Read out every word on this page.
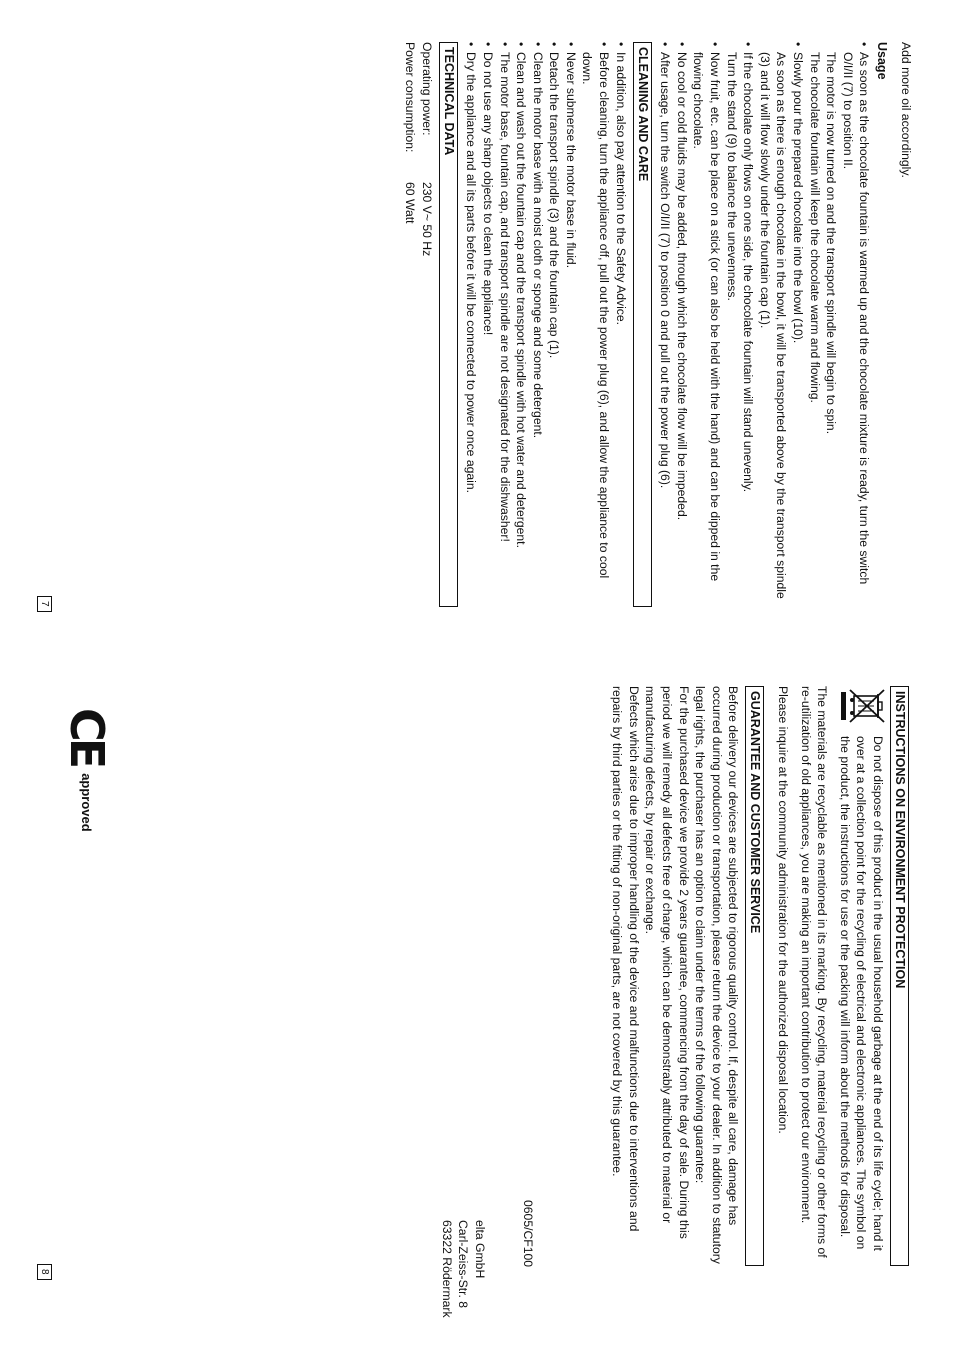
Add more oil accordingly.

Usage

• As soon as the chocolate fountain is warmed up and the chocolate mixture is ready, turn the switch O/I/II (7) to position II.

The motor is now turned on and the transport spindle will begin to spin.

The chocolate fountain will keep the chocolate warm and flowing.

• Slowly pour the prepared chocolate into the bowl (10).

As soon as there is enough chocolate in the bowl, it will be transported above by the transport spindle (3) and it will flow slowly under the fountain cap (1).

• If the chocolate only flows on one side, the chocolate fountain will stand unevenly.

Turn the stand (9) to balance the unevenness.

• Now fruit, etc. can be place on a stick (or can also be held with the hand) and can be dipped in the flowing chocolate.

• No cool or cold fluids may be added, through which the chocolate flow will be impeded.

• After usage, turn the switch O/I/II (7) to position 0 and pull out the power plug (6).

CLEANING AND CARE

• In addition, also pay attention to the Safety Advice.

• Before cleaning, turn the appliance off, pull out the power plug (6), and allow the appliance to cool down.

• Never submerse the motor base in fluid.

• Detach the transport spindle (3) and the fountain cap (1).

• Clean the motor base with a moist cloth or sponge and some detergent.

• Clean and wash out the fountain cap and the transport spindle with hot water and detergent.

• The motor base, fountain cap, and transport spindle are not designated for the dishwasher!

• Do not use any sharp objects to clean the appliance!

• Dry the appliance and all its parts before it will be connected to power once again.

TECHNICAL DATA
Operating power:
230 V~ 50 Hz
Power consumption:
60 Watt
7
INSTRUCTIONS ON ENVIRONMENT PROTECTION
Do not dispose of this product in the usual household garbage at the end of its life cycle; hand it over at a collection point for the recycling of electrical and electronic appliances. The symbol on the product, the instructions for use or the packing will inform about the methods for disposal.

The materials are recyclable as mentioned in its marking. By recycling, material recycling or other forms of re-utilization of old appliances, you are making an important contribution to protect our environment.

Please inquire at the community administration for the authorized disposal location.

GUARANTEE AND CUSTOMER SERVICE

Before delivery our devices are subjected to rigorous quality control. If, despite all care, damage has occurred during production or transportation, please return the device to your dealer. In addition to statutory legal rights, the purchaser has an option to claim under the terms of the following guarantee:

For the purchased device we provide 2 years guarantee, commencing from the day of sale. During this period we will remedy all defects free of charge, which can be demonstrably attributed to material or manufacturing defects, by repair or exchange.

Defects which arise due to improper handling of the device and malfunctions due to interventions and repairs by third parties or the fitting of non-original parts, are not covered by this guarantee.

0605/CF100
elta GmbH
Carl-Zeiss-Str. 8
63322 Rödermark
CE
approved
8
